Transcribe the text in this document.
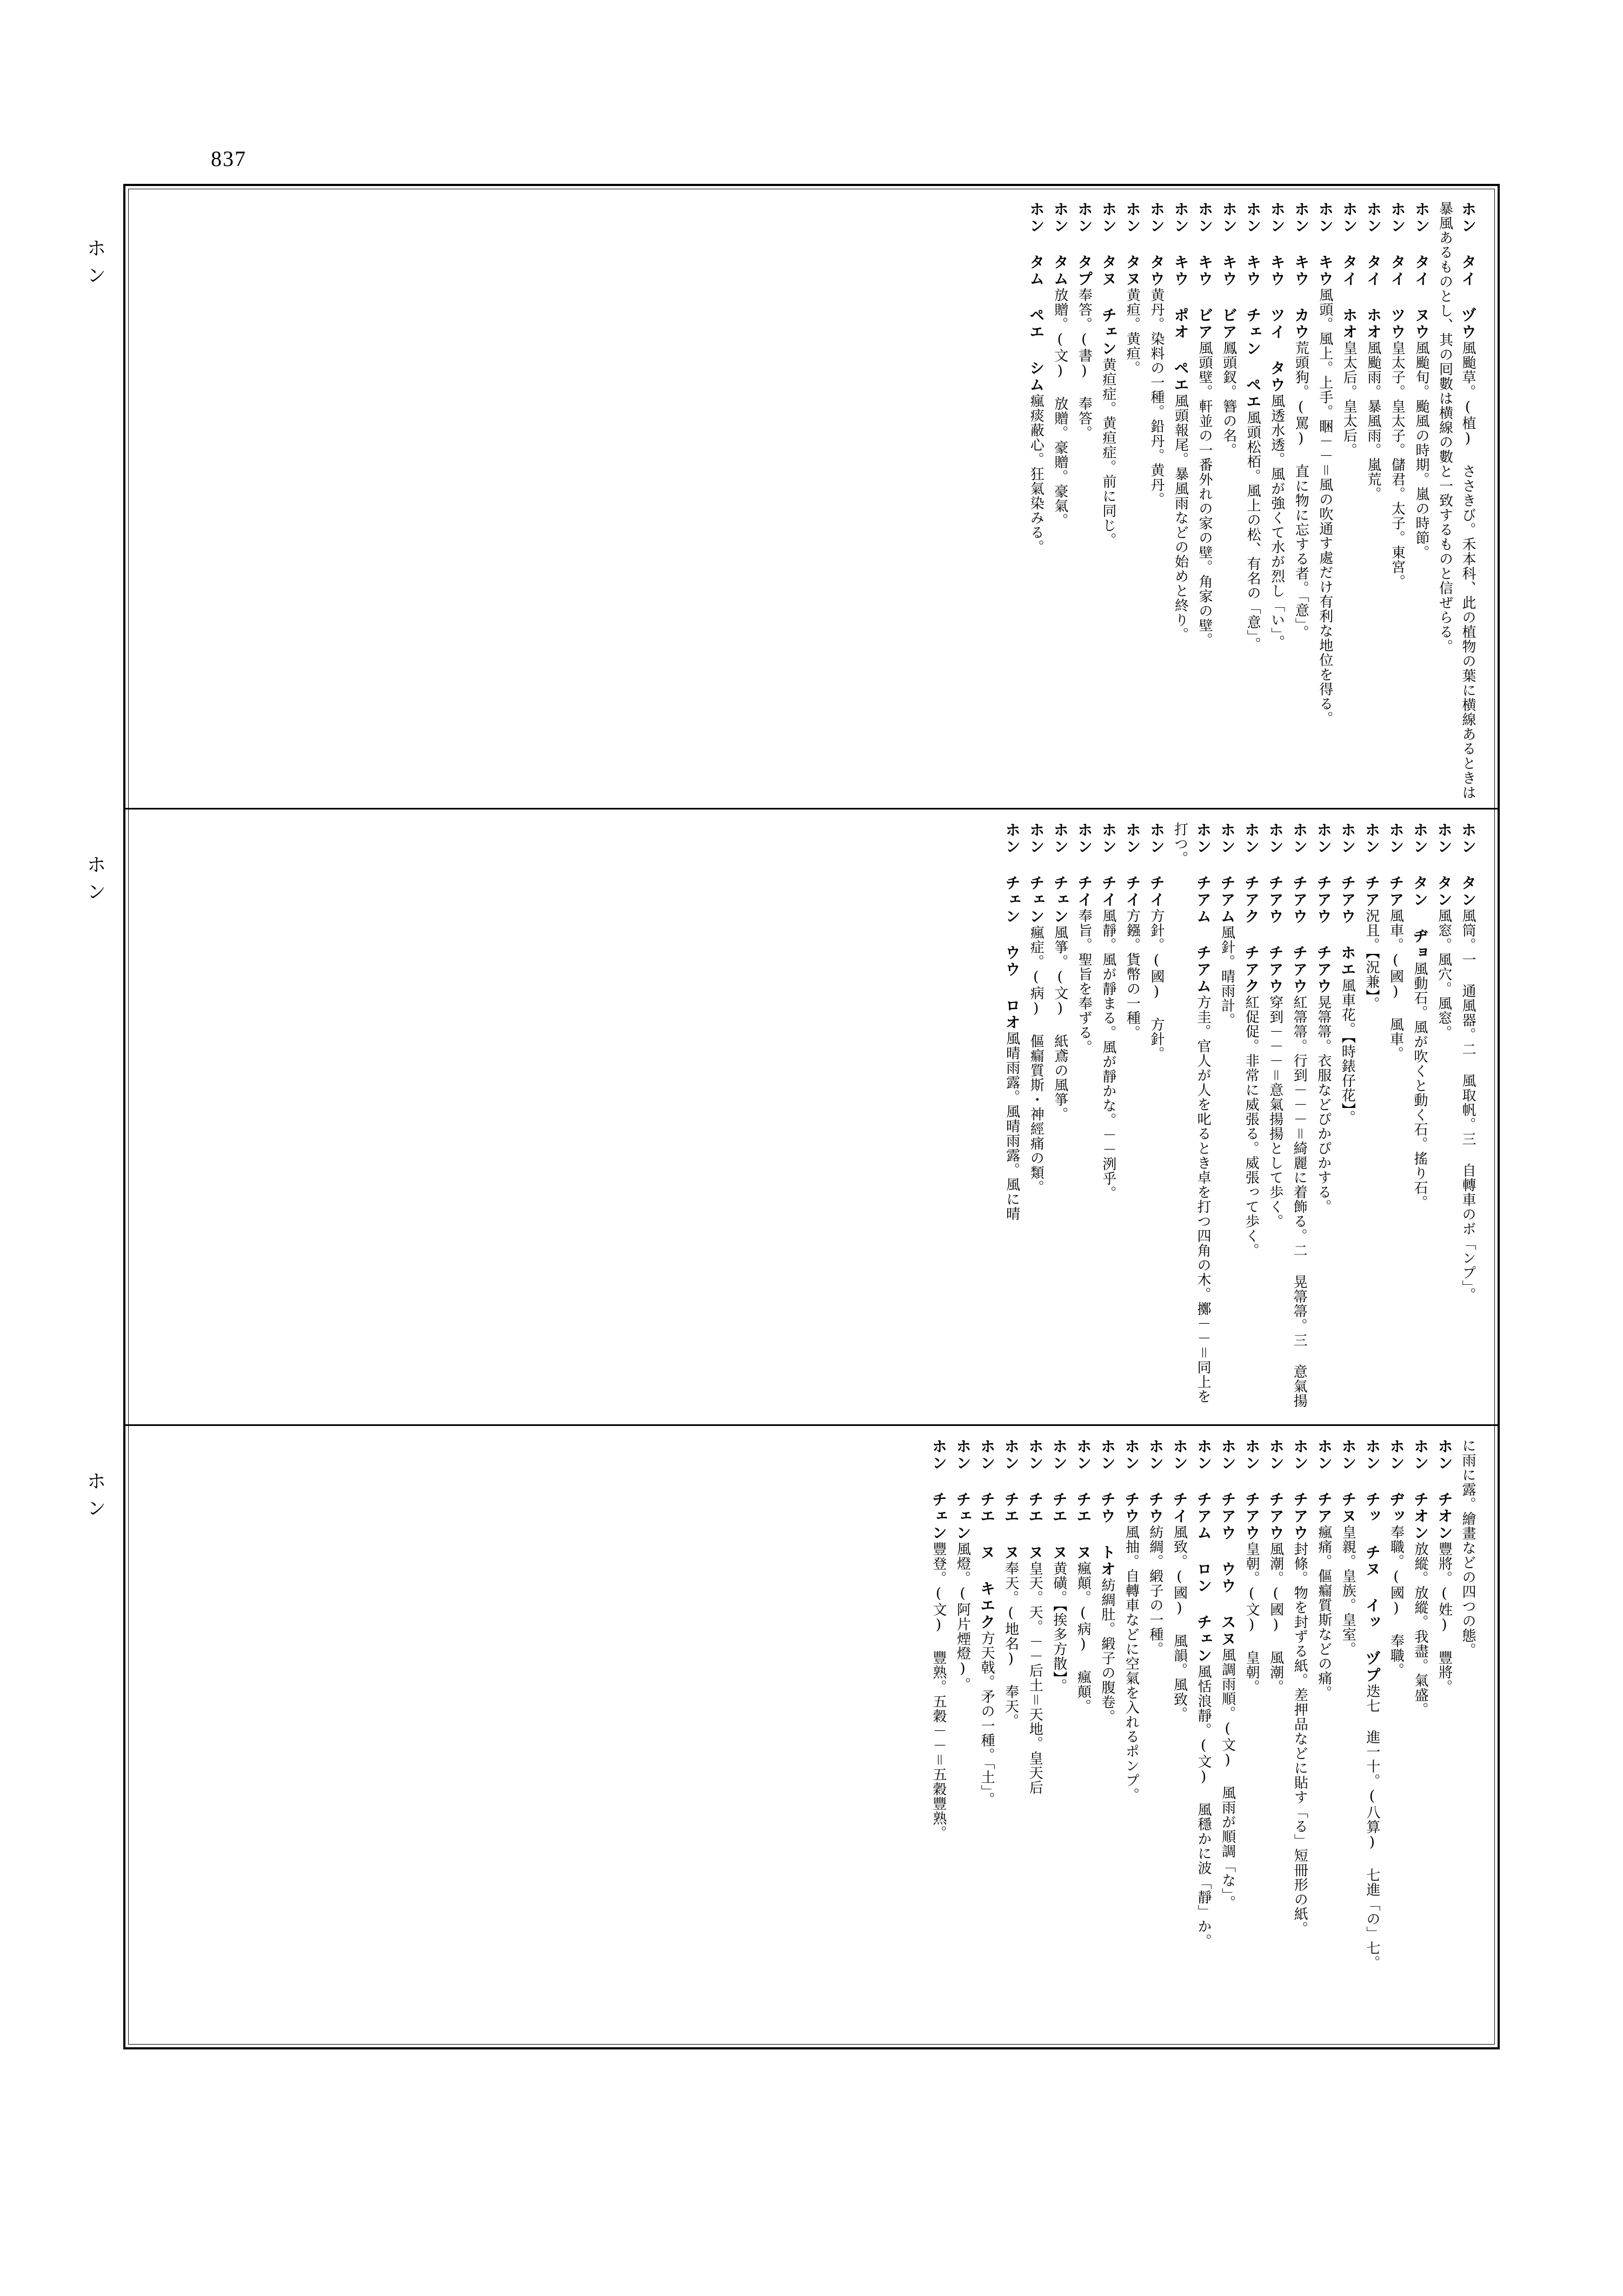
837
ホン
ホン
ホン
ホン タイ ヅウ風颱草。(植) ささきび。禾本科、此の植物の葉に横線あるときは暴風あるものとし、其の囘數は横線の數と一致するものと信ぜらる。
ホン タイ ヌウ風颱旬。颱風の時期。嵐の時節。
ホン タイ ツウ皇太子。皇太子。儲君。太子。東宮。
ホン タイ ホオ風颱雨。暴風雨。嵐荒。
ホン タイ ホオ皇太后。皇太后。
ホン キウ風頭。風上。上手。睏－－＝風の吹通す處だけ有利な地位を得る。
ホン キウ カウ荒頭狗。(罵) 直に物に忘する者。「意」。
ホン キウ ツイ タウ風透水透。風が強くて水が烈し「い」。
ホン キウ チェン ペエ風頭松栢。風上の松、有名の「意」。
ホン キウ ビア鳳頭釵。簪の名。
ホン キウ ビア風頭壁。軒並の一番外れの家の壁。角家の壁。
ホン キウ ポオ ペエ風頭報尾。暴風雨などの始めと終り。
ホン タウ黄丹。染料の一種。鉛丹。黄丹。
ホン タヌ黄疸。黄疸。
ホン タヌ チェン黄疸症。黄疸症。前に同じ。
ホン タプ奉答。(書) 奉答。
ホン タム放贈。(文) 放贈。豪贈。豪氣。
ホン タム ペエ シム瘋痰蔽心。狂氣染みる。
ホン タン風筒。一 通風器。二 風取帆。三 自轉車のボ「ンプ」。
ホン タン風窓。風穴。風窓。
ホン タン ヂョ風動石。風が吹くと動く石。搖り石。
ホン チア風車。(國) 風車。
ホン チア況且。【況兼】。
ホン チアウ ホエ風車花。【時錶仔花】。
ホン チアウ チアウ晃箒箒。衣服などぴかぴかする。
ホン チアウ チアウ紅箒箒。行到－－－＝綺麗に着飾る。二 晃箒箒。三 意氣揚
ホン チアウ チアウ穿到－－－＝意氣揚揚として歩く。
ホン チアク チアク紅促促。非常に威張る。威張って歩く。
ホン チアム風針。晴雨計。
ホン チアム チアム方圭。官人が人を叱るとき卓を打つ四角の木。擲－－＝同上を打つ。
ホン チイ方針。(國) 方針。
ホン チイ方鏹。貨幣の一種。
ホン チイ風靜。風が靜まる。風が靜かな。－－洌乎。
ホン チイ奉旨。聖旨を奉ずる。
ホン チェン風箏。(文) 紙鳶の風箏。
ホン チェン瘋症。(病) 傴瘺質斯・神經痛の類。
ホン チェン ウウ ロオ風晴雨露。風晴雨露。風に晴
に雨に露。繪畫などの四つの態。
ホン チオン豐將。(姓) 豐將。
ホン チオン放縱。放縱。我盡。氣盛。
ホン ヂッ奉職。(國) 奉職。
ホン チッ チヌ イッ ヅプ迭七 進一十。(八算) 七進「の」七。
ホン チヌ皇親。皇族。皇室。
ホン チア瘋痛。傴瘺質斯などの痛。
ホン チアウ封條。物を封ずる紙。差押品などに貼す「る」短冊形の紙。
ホン チアウ風潮。(國) 風潮。
ホン チアウ皇朝。(文) 皇朝。
ホン チアウ ウウ スヌ風調雨順。(文) 風雨が順調「な」。
ホン チアム ロン チェン風恬浪靜。(文) 風穩かに波「靜」か。
ホン チイ風致。(國) 風韻。風致。
ホン チウ紡綢。緞子の一種。
ホン チウ風抽。自轉車などに空氣を入れるポンプ。
ホン チウ トオ紡綢肚。緞子の腹卷。
ホン チエ ヌ瘋顛。(病) 瘋顛。
ホン チエ ヌ黄磺。【挨多方散】。
ホン チエ ヌ皇天。天。－－后土＝天地。皇天后
ホン チエ ヌ奉天。(地名) 奉天。
ホン チエ ヌ キエク方天戟。矛の一種。「土」。
ホン チェン風燈。(阿片煙燈)。
ホン チェン豐登。(文) 豐熟。五穀－－＝五穀豐熟。
